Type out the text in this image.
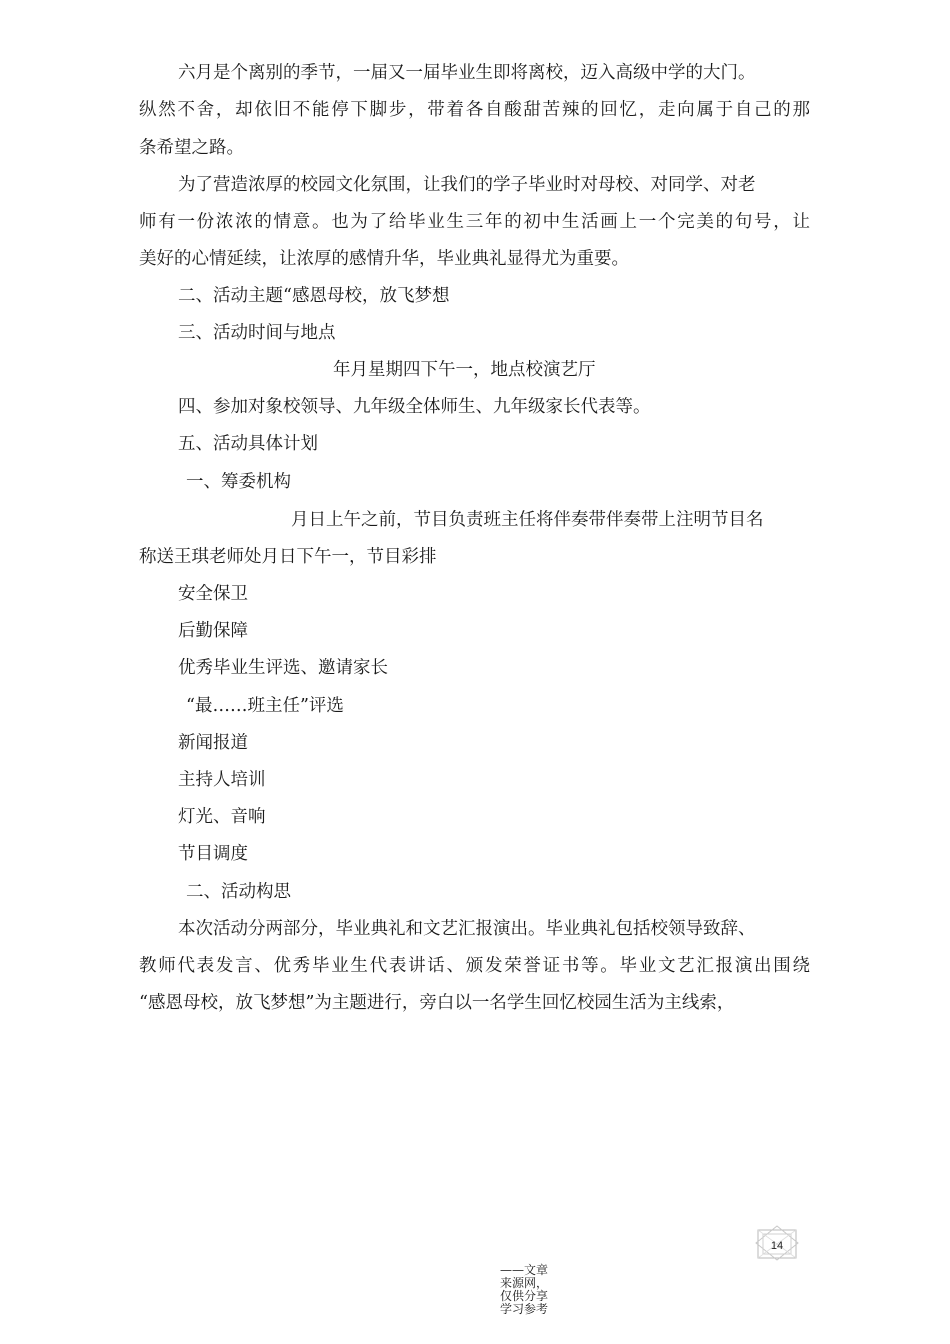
六月是个离别的季节，一届又一届毕业生即将离校，迈入高级中学的大门。
纵然不舍，却依旧不能停下脚步，带着各自酸甜苦辣的回忆，走向属于自己的那
条希望之路。
为了营造浓厚的校园文化氛围，让我们的学子毕业时对母校、对同学、对老
师有一份浓浓的情意。也为了给毕业生三年的初中生活画上一个完美的句号，让
美好的心情延续，让浓厚的感情升华，毕业典礼显得尤为重要。
二、活动主题“感恩母校，放飞梦想
三、活动时间与地点
年月星期四下午一，地点校演艺厅
四、参加对象校领导、九年级全体师生、九年级家长代表等。
五、活动具体计划
一、筹委机构
月日上午之前，节目负责班主任将伴奏带伴奏带上注明节目名
称送王琪老师处月日下午一，节目彩排
安全保卫
后勤保障
优秀毕业生评选、邀请家长
“最……班主任”评选
新闻报道
主持人培训
灯光、音响
节目调度
二、活动构思
本次活动分两部分，毕业典礼和文艺汇报演出。毕业典礼包括校领导致辞、
教师代表发言、优秀毕业生代表讲话、颁发荣誉证书等。毕业文艺汇报演出围绕
“感恩母校，放飞梦想”为主题进行，旁白以一名学生回忆校园生活为主线索，
14
——文章来源网，仅供分享学习参考
